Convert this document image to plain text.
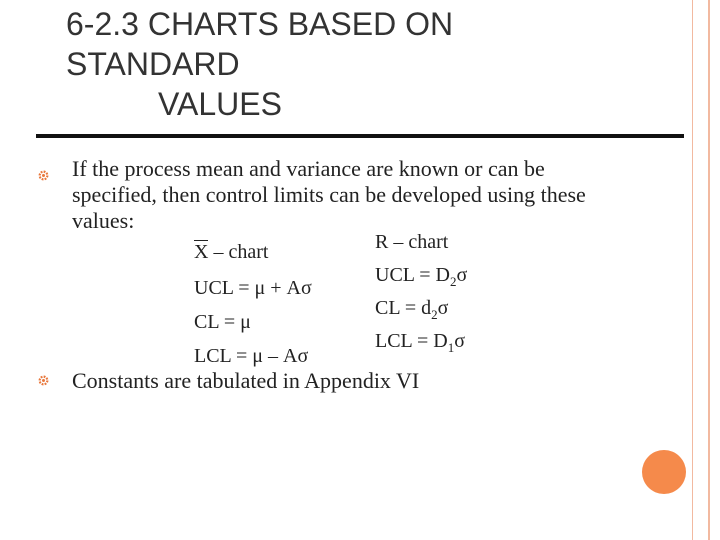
6-2.3 CHARTS BASED ON
STANDARD
VALUES
If the process mean and variance are known or can be
specified, then control limits can be developed using these
values:
X – chart
UCL = μ + Aσ
CL = μ
LCL = μ – Aσ
R – chart
UCL = $D_2\sigma$
CL = $d_2\sigma$
LCL = $D_1\sigma$
Constants are tabulated in Appendix VI
